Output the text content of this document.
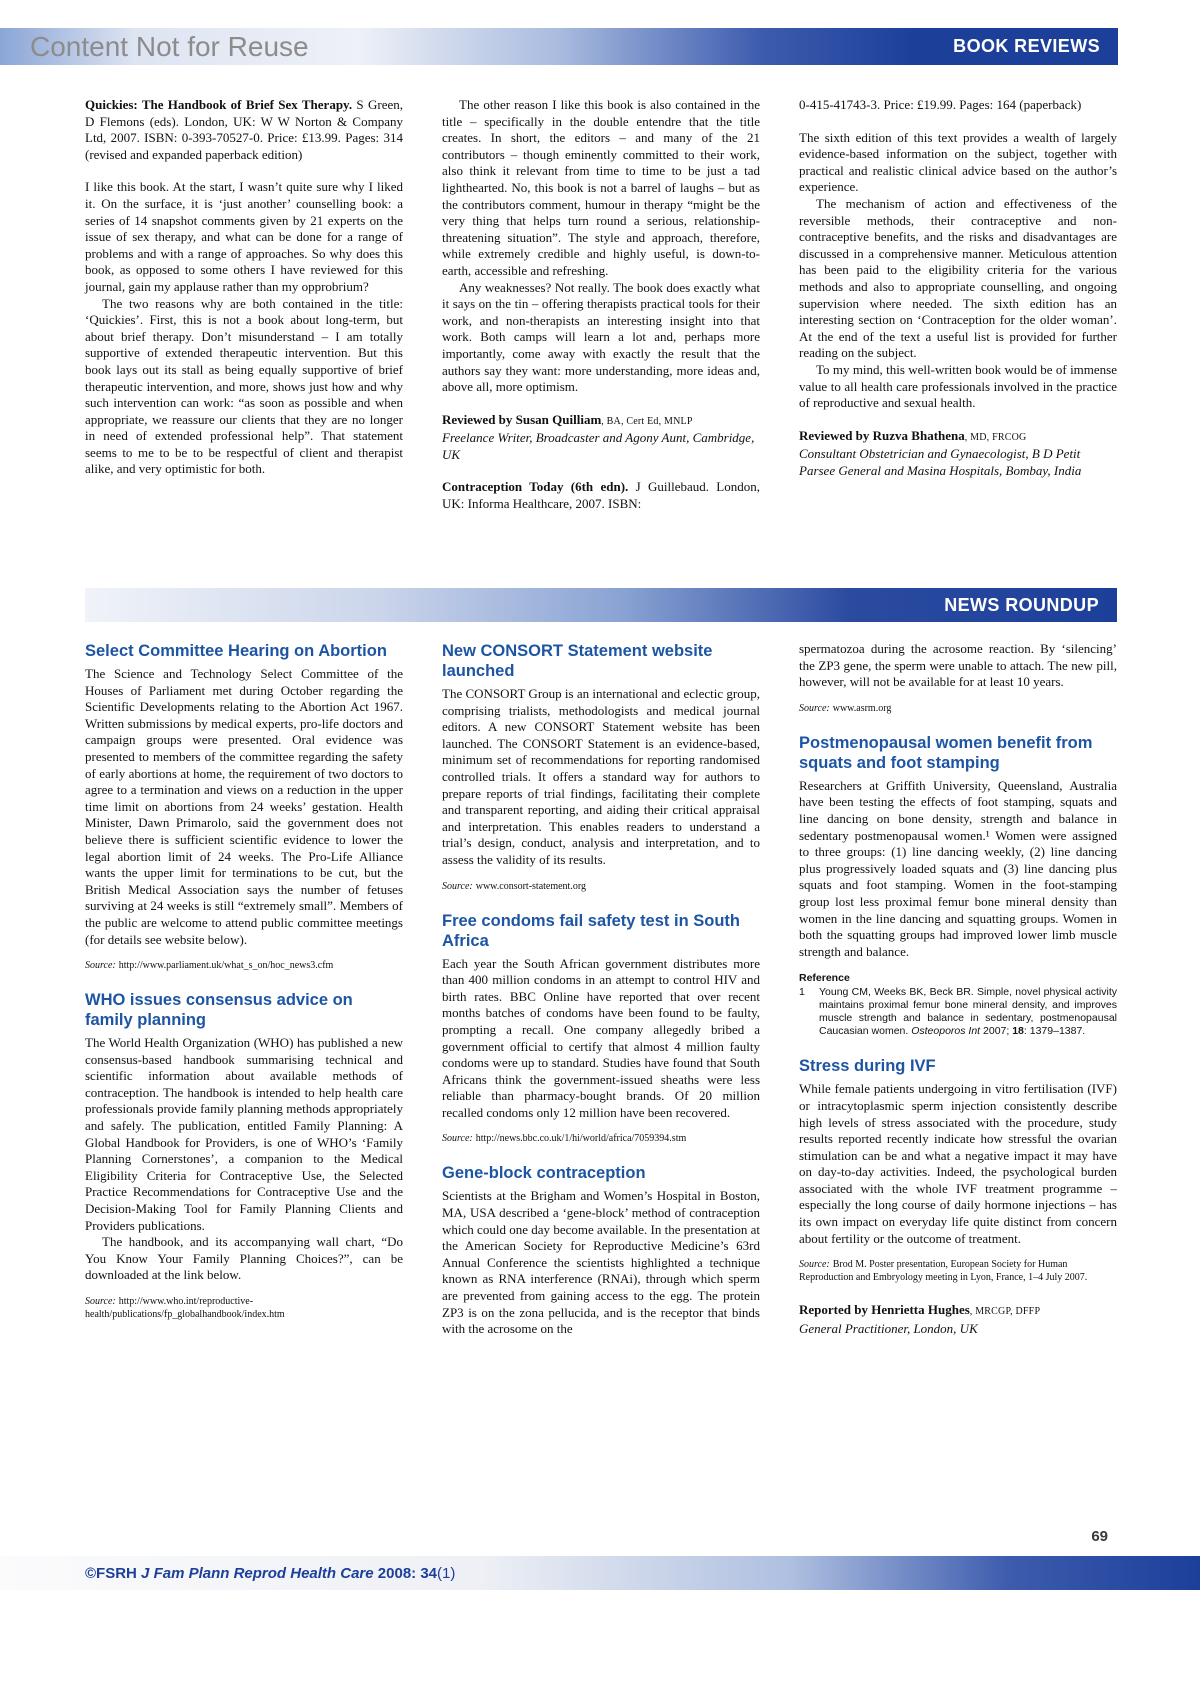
BOOK REVIEWS
Content Not for Reuse

Quickies: The Handbook of Brief Sex Therapy. S Green, D Flemons (eds). London, UK: W W Norton & Company Ltd, 2007. ISBN: 0-393-70527-0. Price: £13.99. Pages: 314 (revised and expanded paperback edition)

I like this book. At the start, I wasn’t quite sure why I liked it. On the surface, it is ‘just another’ counselling book: a series of 14 snapshot comments given by 21 experts on the issue of sex therapy, and what can be done for a range of problems and with a range of approaches. So why does this book, as opposed to some others I have reviewed for this journal, gain my applause rather than my opprobrium?

The two reasons why are both contained in the title: ‘Quickies’. First, this is not a book about long-term, but about brief therapy. Don’t misunderstand – I am totally supportive of extended therapeutic intervention. But this book lays out its stall as being equally supportive of brief therapeutic intervention, and more, shows just how and why such intervention can work: “as soon as possible and when appropriate, we reassure our clients that they are no longer in need of extended professional help”. That statement seems to me to be to be respectful of client and therapist alike, and very optimistic for both.

The other reason I like this book is also contained in the title – specifically in the double entendre that the title creates. In short, the editors – and many of the 21 contributors – though eminently committed to their work, also think it relevant from time to time to be just a tad lighthearted. No, this book is not a barrel of laughs – but as the contributors comment, humour in therapy “might be the very thing that helps turn round a serious, relationship-threatening situation”. The style and approach, therefore, while extremely credible and highly useful, is down-to-earth, accessible and refreshing.

Any weaknesses? Not really. The book does exactly what it says on the tin – offering therapists practical tools for their work, and non-therapists an interesting insight into that work. Both camps will learn a lot and, perhaps more importantly, come away with exactly the result that the authors say they want: more understanding, more ideas and, above all, more optimism.

Reviewed by Susan Quilliam, BA, Cert Ed, MNLP

Freelance Writer, Broadcaster and Agony Aunt, Cambridge, UK

Contraception Today (6th edn). J Guillebaud. London, UK: Informa Healthcare, 2007. ISBN:

0-415-41743-3. Price: £19.99. Pages: 164 (paperback)

The sixth edition of this text provides a wealth of largely evidence-based information on the subject, together with practical and realistic clinical advice based on the author’s experience.

The mechanism of action and effectiveness of the reversible methods, their contraceptive and non-contraceptive benefits, and the risks and disadvantages are discussed in a comprehensive manner. Meticulous attention has been paid to the eligibility criteria for the various methods and also to appropriate counselling, and ongoing supervision where needed. The sixth edition has an interesting section on ‘Contraception for the older woman’. At the end of the text a useful list is provided for further reading on the subject.

To my mind, this well-written book would be of immense value to all health care professionals involved in the practice of reproductive and sexual health.

Reviewed by Ruzva Bhathena, MD, FRCOG

Consultant Obstetrician and Gynaecologist, B D Petit Parsee General and Masina Hospitals, Bombay, India

NEWS ROUNDUP
Select Committee Hearing on Abortion

The Science and Technology Select Committee of the Houses of Parliament met during October regarding the Scientific Developments relating to the Abortion Act 1967. Written submissions by medical experts, pro-life doctors and campaign groups were presented. Oral evidence was presented to members of the committee regarding the safety of early abortions at home, the requirement of two doctors to agree to a termination and views on a reduction in the upper time limit on abortions from 24 weeks’ gestation. Health Minister, Dawn Primarolo, said the government does not believe there is sufficient scientific evidence to lower the legal abortion limit of 24 weeks. The Pro-Life Alliance wants the upper limit for terminations to be cut, but the British Medical Association says the number of fetuses surviving at 24 weeks is still “extremely small”. Members of the public are welcome to attend public committee meetings (for details see website below).

Source: http://www.parliament.uk/what_s_on/hoc_news3.cfm

WHO issues consensus advice on family planning

The World Health Organization (WHO) has published a new consensus-based handbook summarising technical and scientific information about available methods of contraception. The handbook is intended to help health care professionals provide family planning methods appropriately and safely. The publication, entitled Family Planning: A Global Handbook for Providers, is one of WHO’s ‘Family Planning Cornerstones’, a companion to the Medical Eligibility Criteria for Contraceptive Use, the Selected Practice Recommendations for Contraceptive Use and the Decision-Making Tool for Family Planning Clients and Providers publications.

The handbook, and its accompanying wall chart, “Do You Know Your Family Planning Choices?”, can be downloaded at the link below.

Source: http://www.who.int/reproductive-health/publications/fp_globalhandbook/index.htm

New CONSORT Statement website launched

The CONSORT Group is an international and eclectic group, comprising trialists, methodologists and medical journal editors. A new CONSORT Statement website has been launched. The CONSORT Statement is an evidence-based, minimum set of recommendations for reporting randomised controlled trials. It offers a standard way for authors to prepare reports of trial findings, facilitating their complete and transparent reporting, and aiding their critical appraisal and interpretation. This enables readers to understand a trial’s design, conduct, analysis and interpretation, and to assess the validity of its results.

Source: www.consort-statement.org

Free condoms fail safety test in South Africa

Each year the South African government distributes more than 400 million condoms in an attempt to control HIV and birth rates. BBC Online have reported that over recent months batches of condoms have been found to be faulty, prompting a recall. One company allegedly bribed a government official to certify that almost 4 million faulty condoms were up to standard. Studies have found that South Africans think the government-issued sheaths were less reliable than pharmacy-bought brands. Of 20 million recalled condoms only 12 million have been recovered.

Source: http://news.bbc.co.uk/1/hi/world/africa/7059394.stm

Gene-block contraception

Scientists at the Brigham and Women’s Hospital in Boston, MA, USA described a ‘gene-block’ method of contraception which could one day become available. In the presentation at the American Society for Reproductive Medicine’s 63rd Annual Conference the scientists highlighted a technique known as RNA interference (RNAi), through which sperm are prevented from gaining access to the egg. The protein ZP3 is on the zona pellucida, and is the receptor that binds with the acrosome on the

spermatozoa during the acrosome reaction. By ‘silencing’ the ZP3 gene, the sperm were unable to attach. The new pill, however, will not be available for at least 10 years.

Source: www.asrm.org

Postmenopausal women benefit from squats and foot stamping

Researchers at Griffith University, Queensland, Australia have been testing the effects of foot stamping, squats and line dancing on bone density, strength and balance in sedentary postmenopausal women.¹ Women were assigned to three groups: (1) line dancing weekly, (2) line dancing plus progressively loaded squats and (3) line dancing plus squats and foot stamping. Women in the foot-stamping group lost less proximal femur bone mineral density than women in the line dancing and squatting groups. Women in both the squatting groups had improved lower limb muscle strength and balance.

Reference

1	Young CM, Weeks BK, Beck BR. Simple, novel physical activity maintains proximal femur bone mineral density, and improves muscle strength and balance in sedentary, postmenopausal Caucasian women. Osteoporos Int 2007; 18: 1379–1387.
Stress during IVF

While female patients undergoing in vitro fertilisation (IVF) or intracytoplasmic sperm injection consistently describe high levels of stress associated with the procedure, study results reported recently indicate how stressful the ovarian stimulation can be and what a negative impact it may have on day-to-day activities. Indeed, the psychological burden associated with the whole IVF treatment programme – especially the long course of daily hormone injections – has its own impact on everyday life quite distinct from concern about fertility or the outcome of treatment.

Source: Brod M. Poster presentation, European Society for Human Reproduction and Embryology meeting in Lyon, France, 1–4 July 2007.

Reported by Henrietta Hughes, MRCGP, DFFP

General Practitioner, London, UK

69
©FSRH J Fam Plann Reprod Health Care 2008: 34 (1)
